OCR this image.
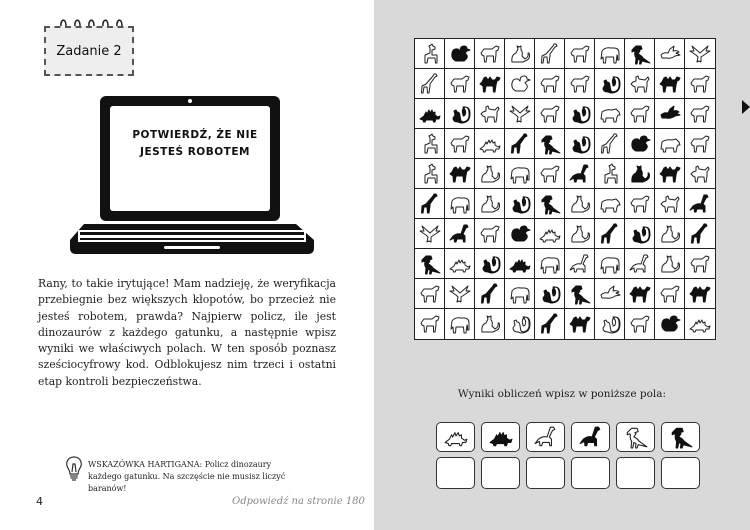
Zadanie 2
POTWIERDŹ, ŻE NIE JESTEŚ ROBOTEM

Rany, to takie irytujące! Mam nadzieję, że weryfikacja przebiegnie bez większych kłopotów, bo przecież nie jesteś robotem, prawda? Najpierw policz, ile jest dinozaurów z każdego gatunku, a następnie wpisz wyniki we właściwych polach. W ten sposób poznasz sześciocyfrowy kod. Odblokujesz nim trzeci i ostatni etap kontroli bezpieczeństwa.

WSKAZÓWKA HARTIGANA: Policz dinozaury każdego gatunku. Na szczęście nie musisz liczyć baranów!
4	Odpowiedź na stronie 180
Wyniki obliczeń wpisz w poniższe pola:
